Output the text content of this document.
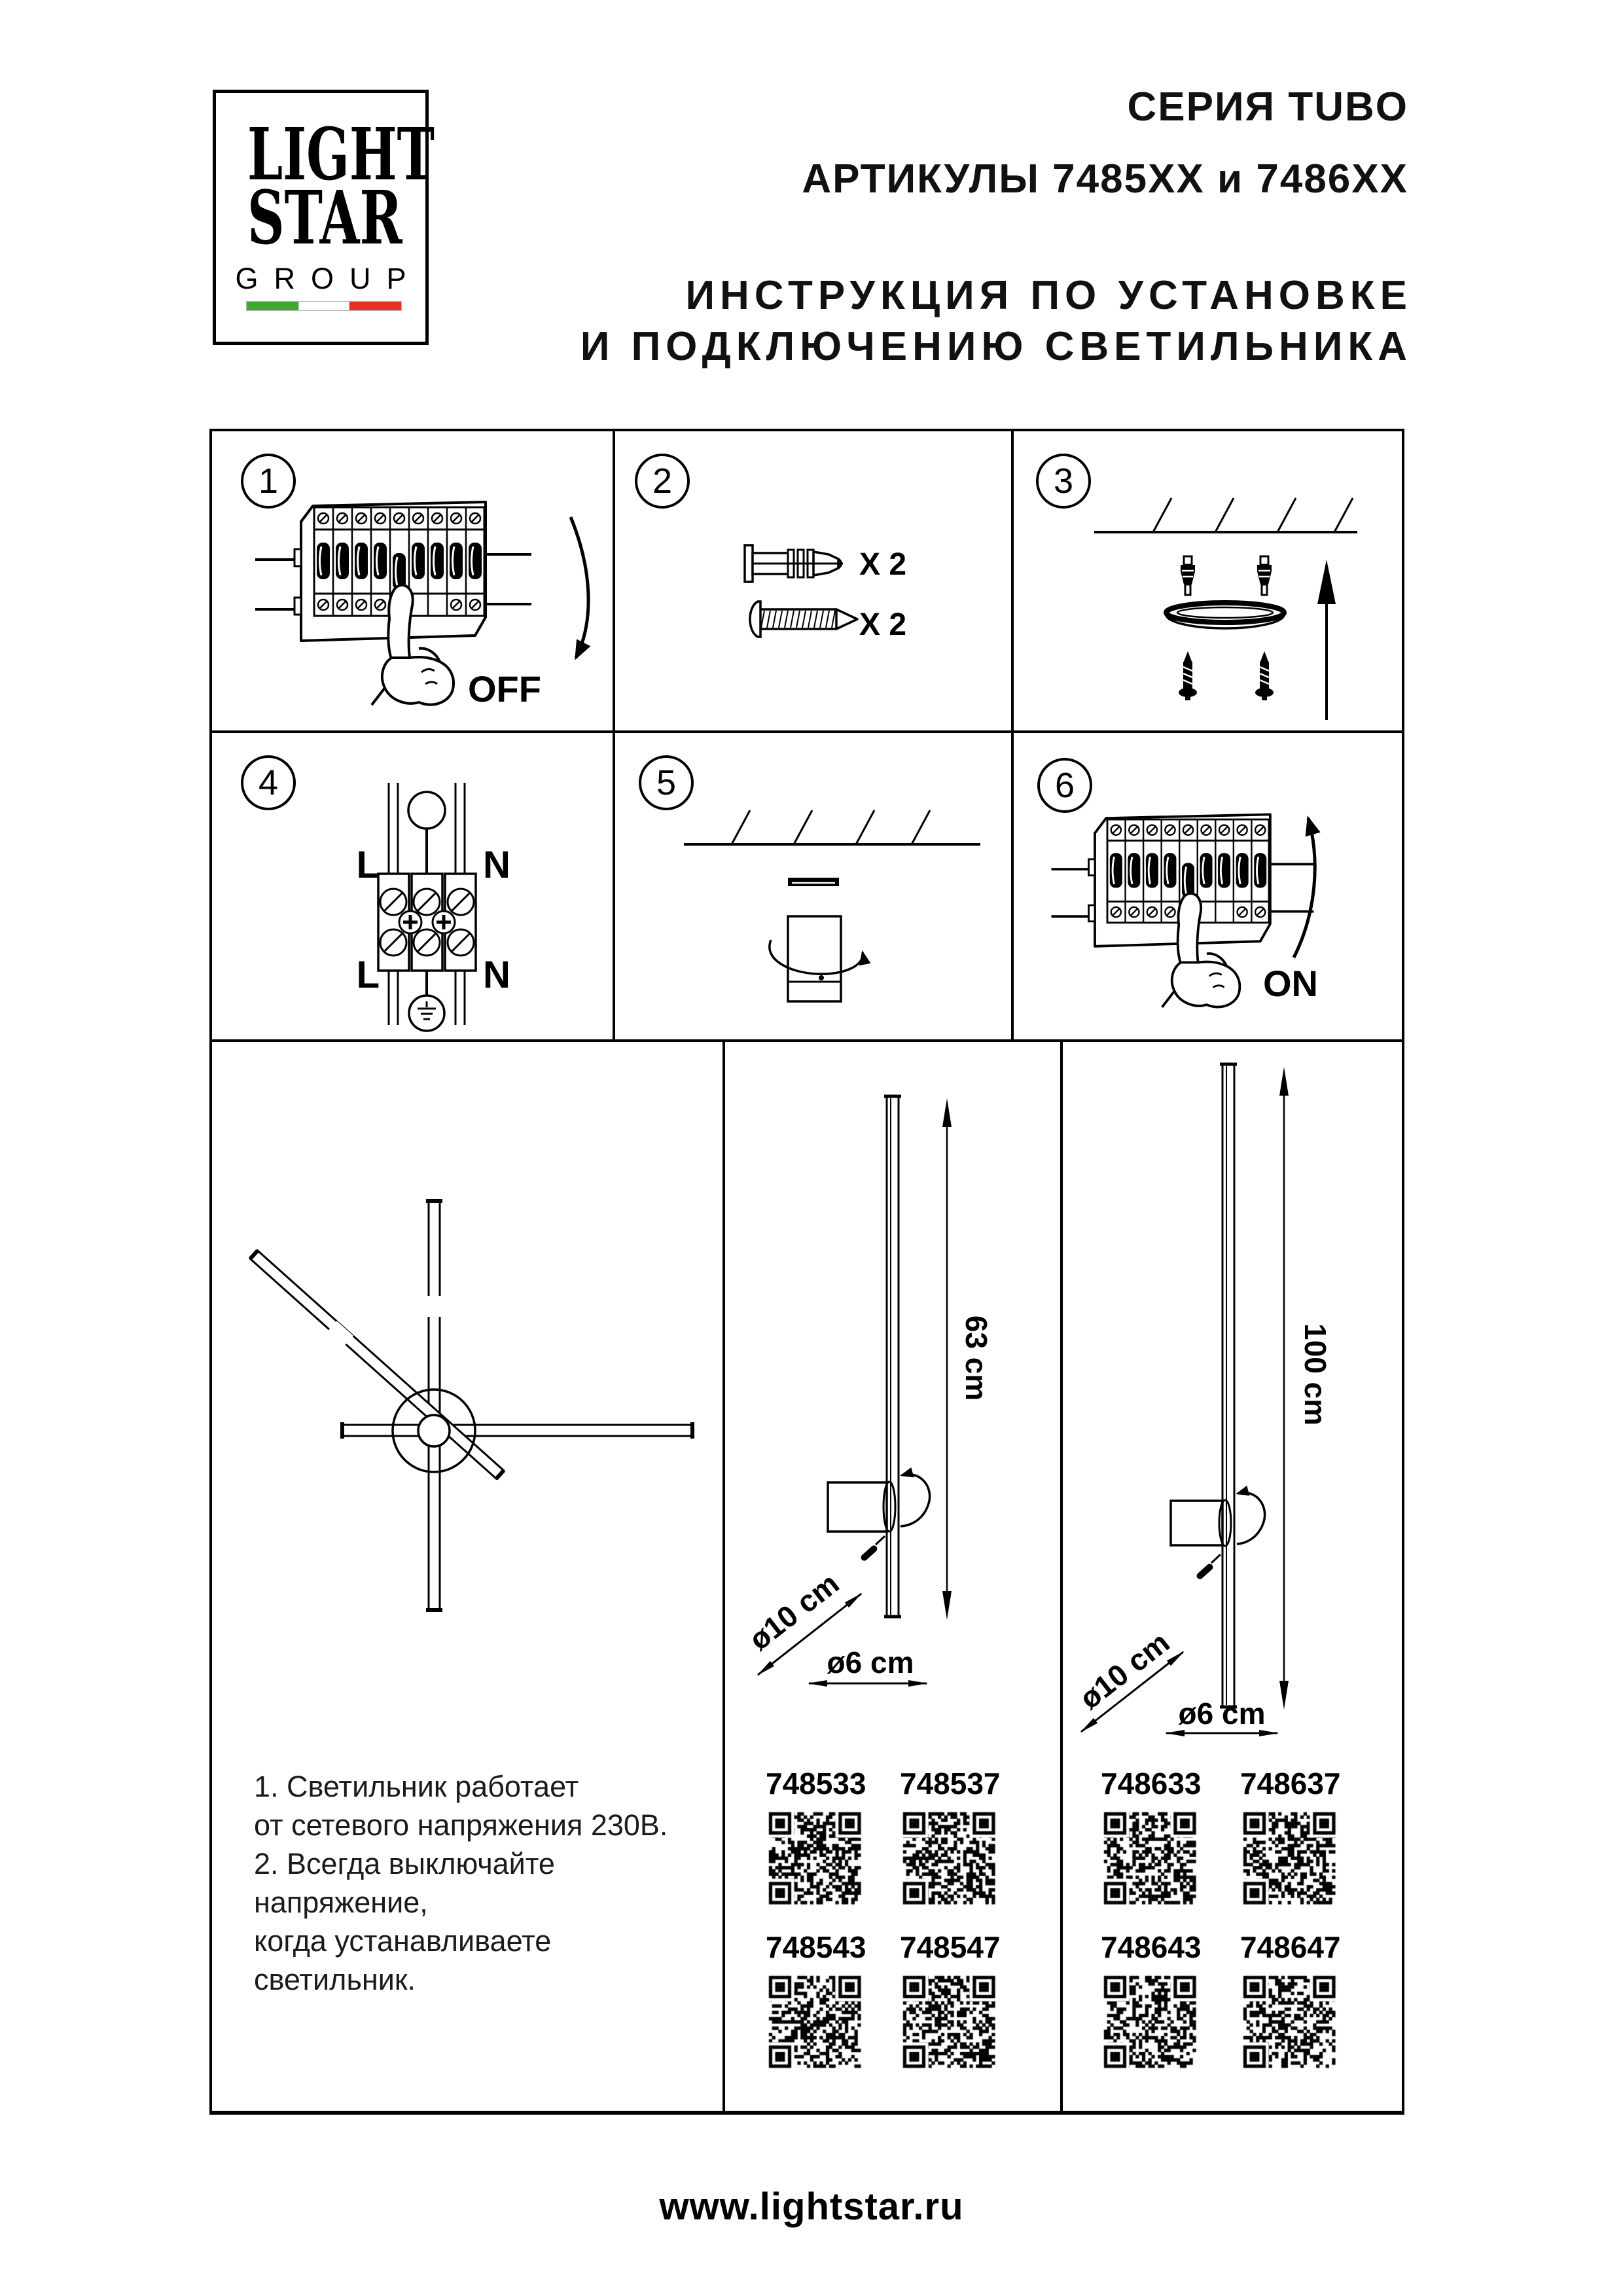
LIGHT
STAR
GROUP
СЕРИЯ TUBO
АРТИКУЛЫ 7485ХХ и 7486ХХ
ИНСТРУКЦИЯ ПО УСТАНОВКЕ
И ПОДКЛЮЧЕНИЮ СВЕТИЛЬНИКА
1	2	3
4	5	6
OFF
X 2
X 2
L	N
L	N	ON
63 cm
ø10 cm
ø6 cm
100 cm
ø10 cm ø6 cm
1. Светильник работает
от сетевого напряжения 230В.
2. Всегда выключайте напряжение,
когда устанавливаете светильник.
748533 748537
748543 748547
748633 748637
748643 748647
www.lightstar.ru
